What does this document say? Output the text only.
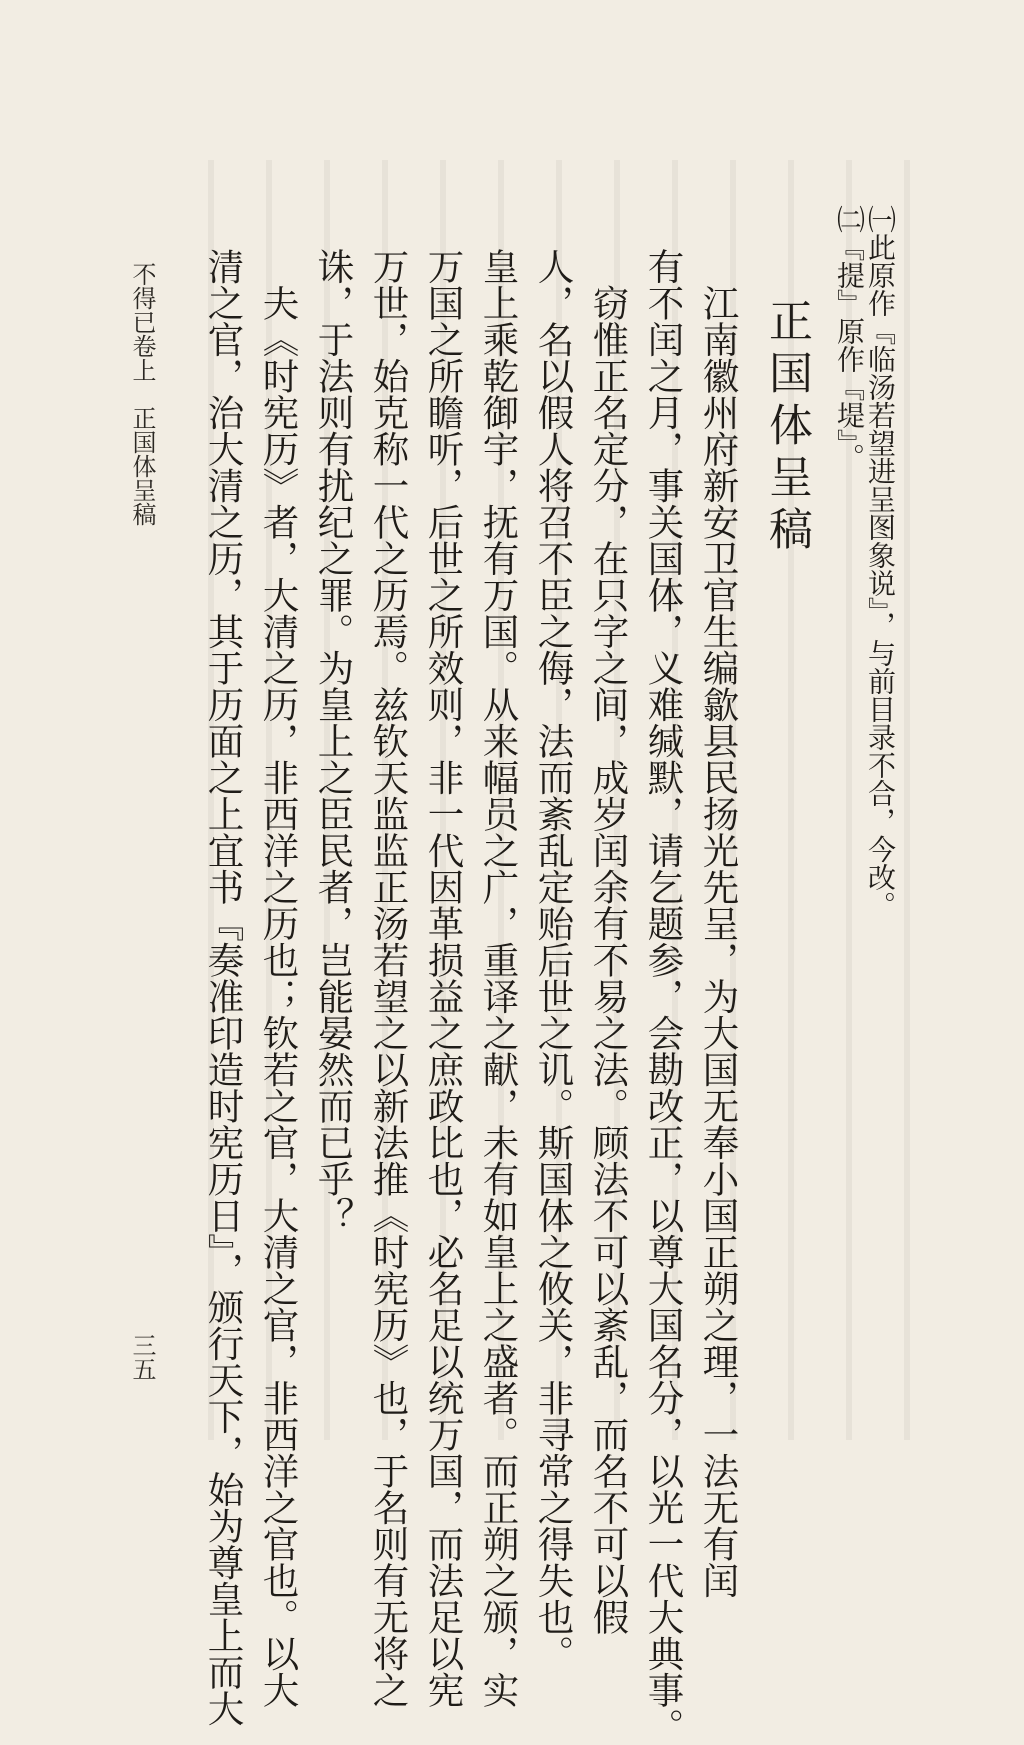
㈠此原作『临汤若望进呈图象说』，与前目录不合，今改。
㈡『提』原作『堤』。
正国体呈稿
　江南徽州府新安卫官生编歙县民扬光先呈，为大国无奉小国正朔之理，一法无有闰
有不闰之月，事关国体，义难缄默，请乞题参，会勘改正，以尊大国名分，以光一代大典事。
　窃惟正名定分，在只字之间，成岁闰余有不易之法。顾法不可以紊乱，而名不可以假
人，名以假人将召不臣之侮，法而紊乱定贻后世之讥。斯国体之攸关，非寻常之得失也。
皇上乘乾御宇，抚有万国。从来幅员之广，重译之献，未有如皇上之盛者。而正朔之颁，实
万国之所瞻听，后世之所效则，非一代因革损益之庶政比也，必名足以统万国，而法足以宪
万世，始克称一代之历焉。兹钦天监监正汤若望之以新法推《时宪历》也，于名则有无将之
诛，于法则有扰纪之罪。为皇上之臣民者，岂能晏然而已乎？
　夫《时宪历》者，大清之历，非西洋之历也；钦若之官，大清之官，非西洋之官也。以大
清之官，治大清之历，其于历面之上宜书『奏准印造时宪历日』，颁行天下，始为尊皇上而大
不得已卷上　正国体呈稿
三五
